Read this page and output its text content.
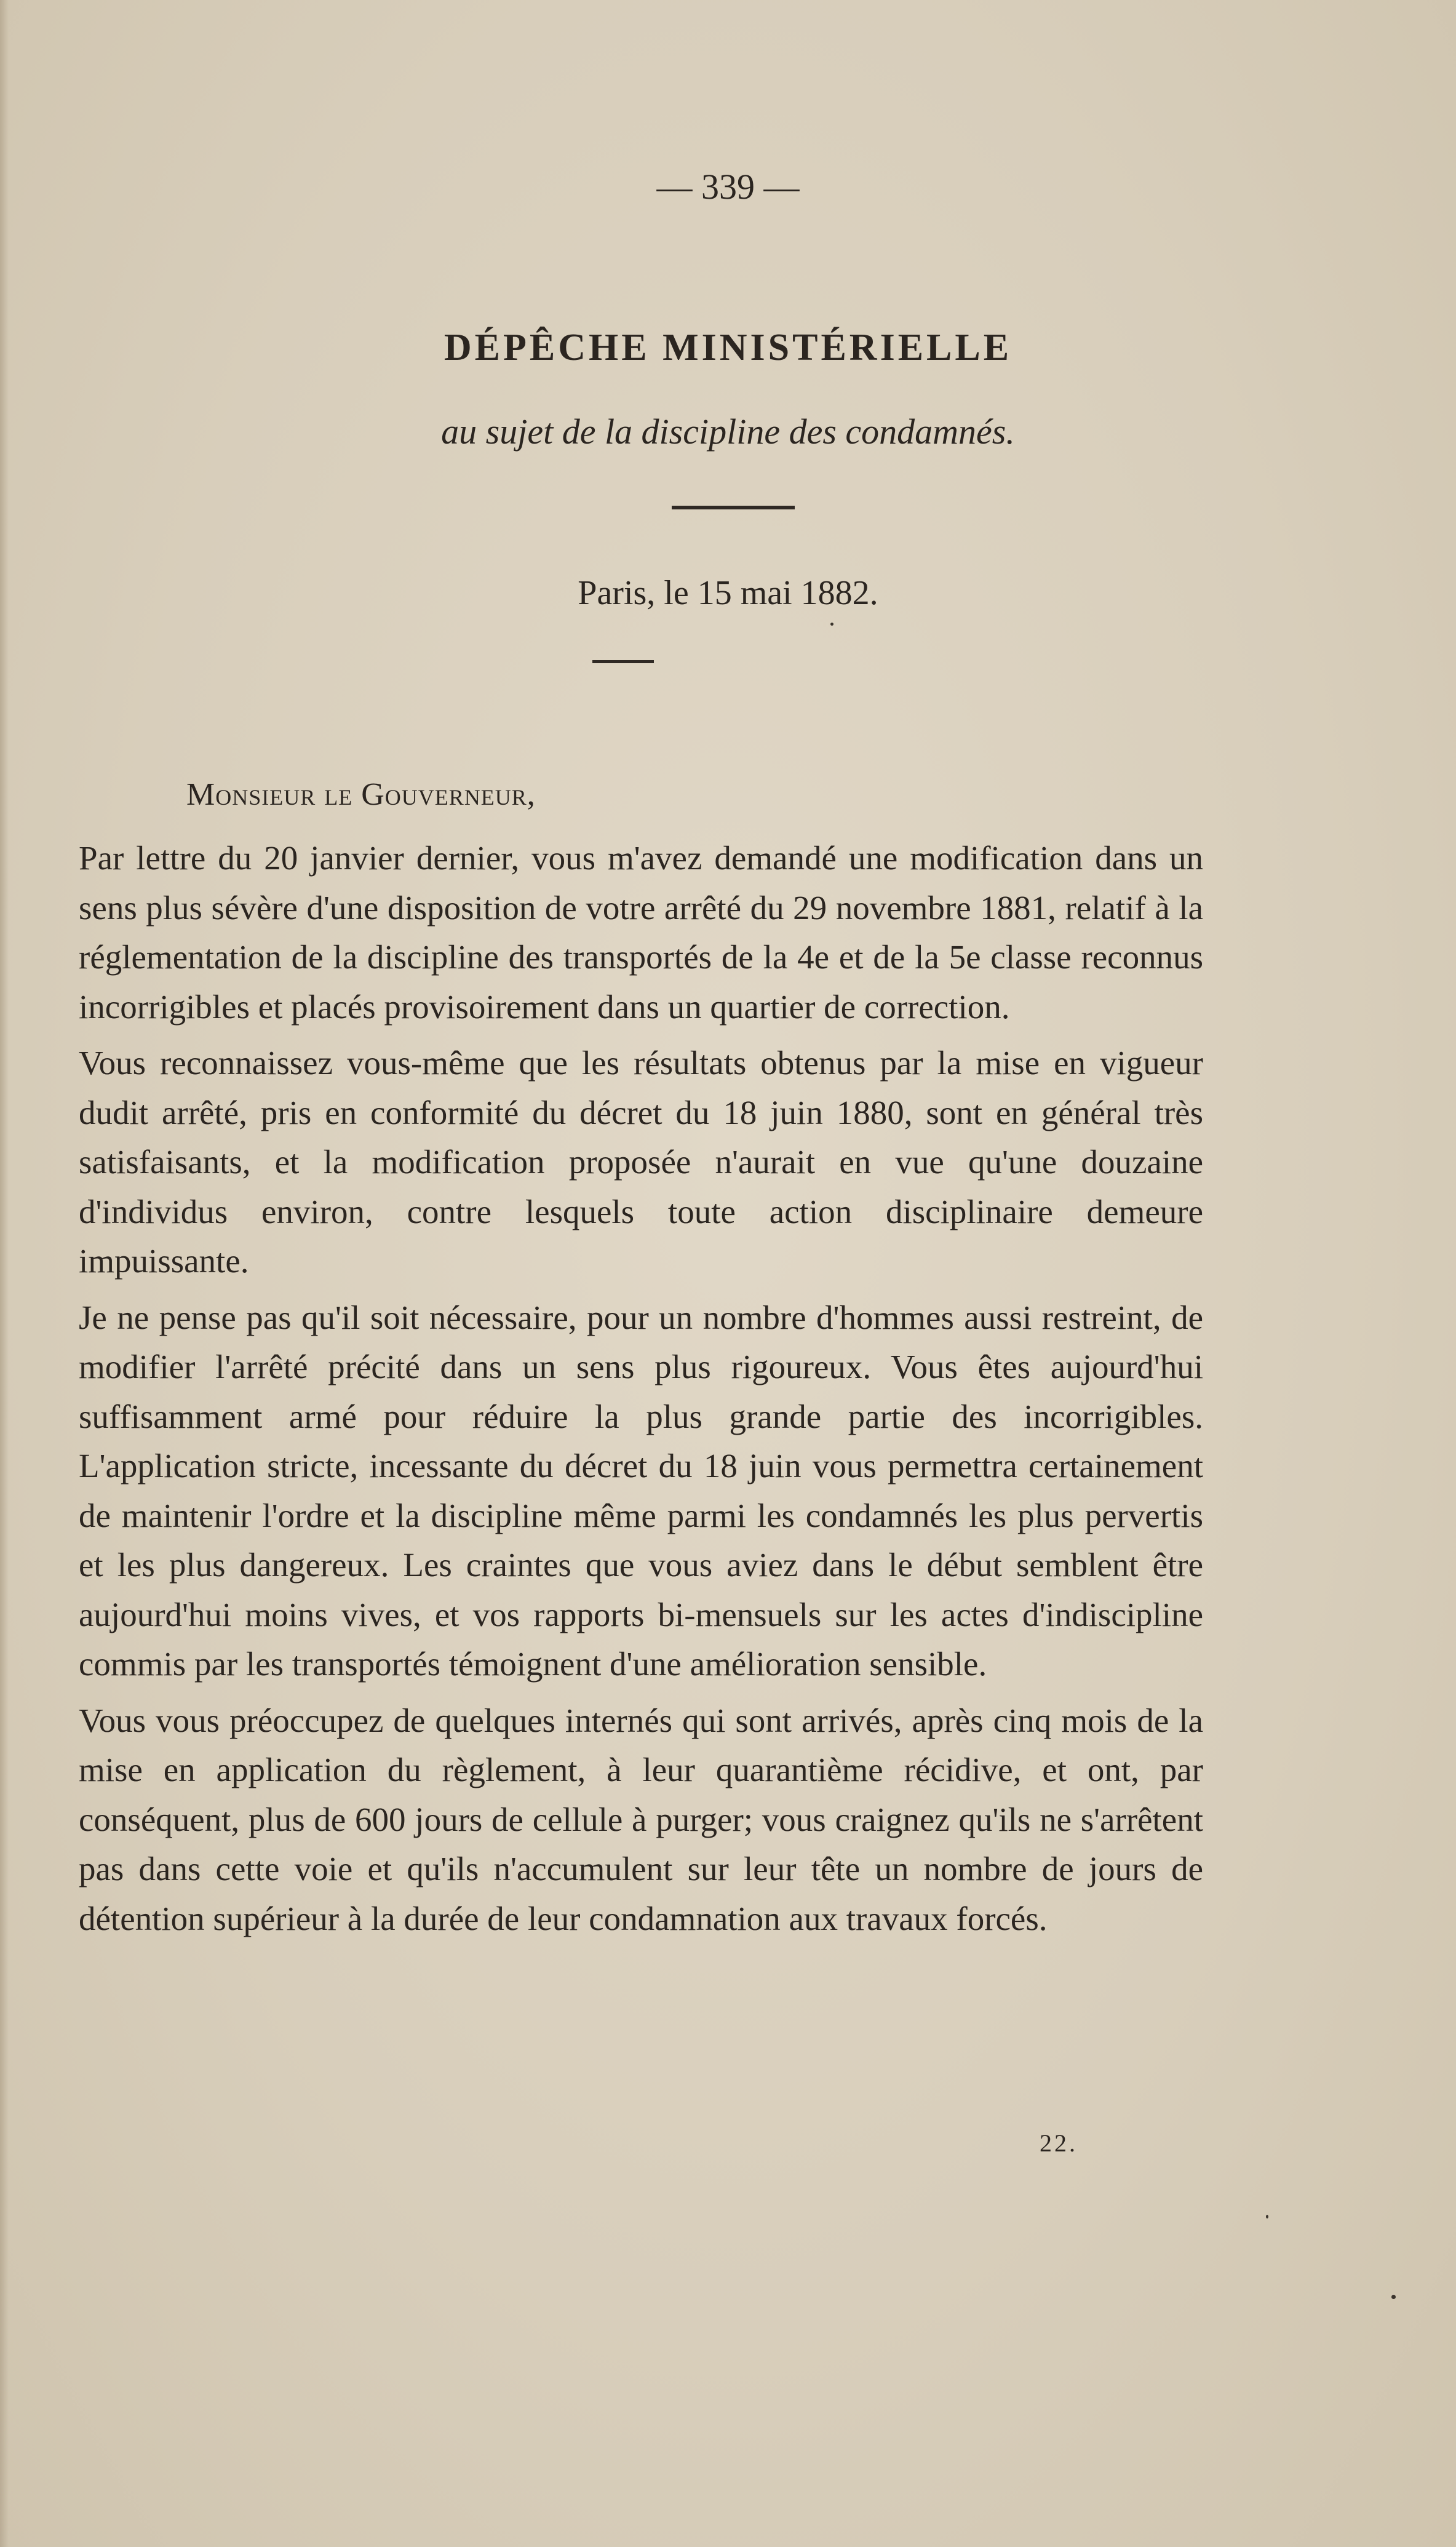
— 339 —
DÉPÊCHE MINISTÉRIELLE
au sujet de la discipline des condamnés.
Paris, le 15 mai 1882.
Monsieur le Gouverneur,

Par lettre du 20 janvier dernier, vous m'avez demandé une modification dans un sens plus sévère d'une disposition de votre arrêté du 29 novembre 1881, relatif à la réglementation de la discipline des transportés de la 4e et de la 5e classe reconnus incorrigibles et placés provisoirement dans un quartier de correction.

Vous reconnaissez vous-même que les résultats obtenus par la mise en vigueur dudit arrêté, pris en conformité du décret du 18 juin 1880, sont en général très satisfaisants, et la modification proposée n'aurait en vue qu'une douzaine d'individus environ, contre lesquels toute action disciplinaire demeure impuissante.

Je ne pense pas qu'il soit nécessaire, pour un nombre d'hommes aussi restreint, de modifier l'arrêté précité dans un sens plus rigoureux. Vous êtes aujourd'hui suffisamment armé pour réduire la plus grande partie des incorrigibles. L'application stricte, incessante du décret du 18 juin vous permettra certainement de maintenir l'ordre et la discipline même parmi les condamnés les plus pervertis et les plus dangereux. Les craintes que vous aviez dans le début semblent être aujourd'hui moins vives, et vos rapports bi-mensuels sur les actes d'indiscipline commis par les transportés témoignent d'une amélioration sensible.

Vous vous préoccupez de quelques internés qui sont arrivés, après cinq mois de la mise en application du règlement, à leur quarantième récidive, et ont, par conséquent, plus de 600 jours de cellule à purger; vous craignez qu'ils ne s'arrêtent pas dans cette voie et qu'ils n'accumulent sur leur tête un nombre de jours de détention supérieur à la durée de leur condamnation aux travaux forcés.

22.
